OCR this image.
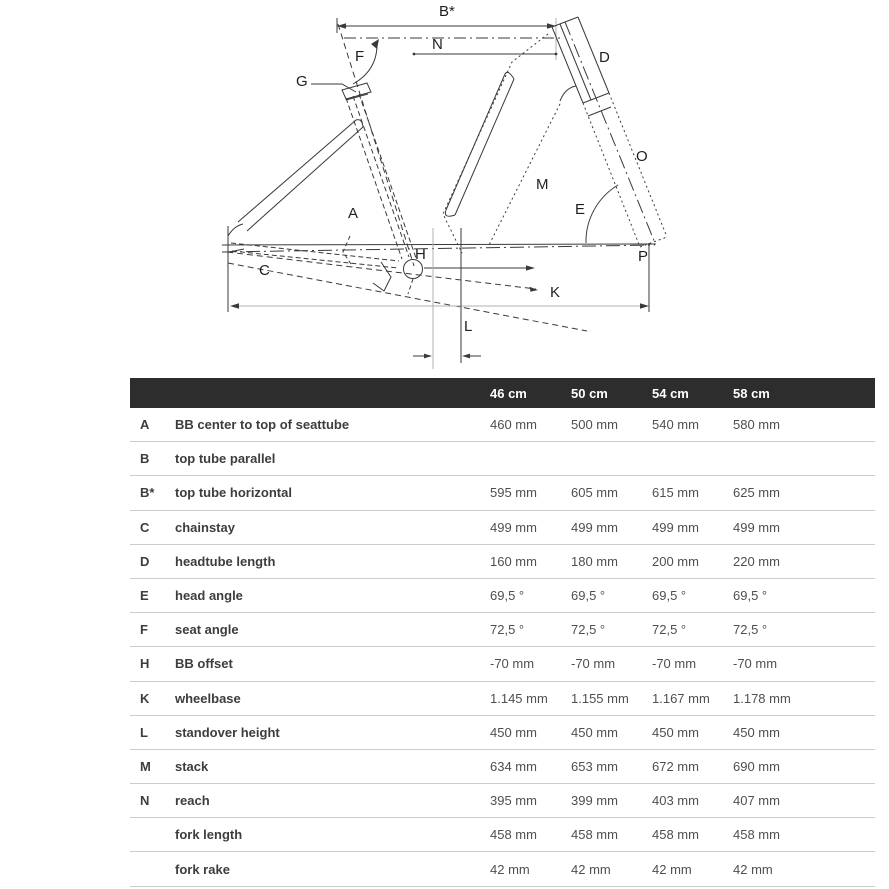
B*
N
F
G
D
O
M
E
A
H
C
P
K
L
46 cm	50 cm	54 cm	58 cm
A	BB center to top of seattube	460 mm	500 mm	540 mm	580 mm
B	top tube parallel
B*	top tube horizontal	595 mm	605 mm	615 mm	625 mm
C	chainstay	499 mm	499 mm	499 mm	499 mm
D	headtube length	160 mm	180 mm	200 mm	220 mm
E	head angle	69,5 °	69,5 °	69,5 °	69,5 °
F	seat angle	72,5 °	72,5 °	72,5 °	72,5 °
H	BB offset	-70 mm	-70 mm	-70 mm	-70 mm
K	wheelbase	1.145 mm	1.155 mm	1.167 mm	1.178 mm
L	standover height	450 mm	450 mm	450 mm	450 mm
M	stack	634 mm	653 mm	672 mm	690 mm
N	reach	395 mm	399 mm	403 mm	407 mm
fork length	458 mm	458 mm	458 mm	458 mm
fork rake	42 mm	42 mm	42 mm	42 mm
